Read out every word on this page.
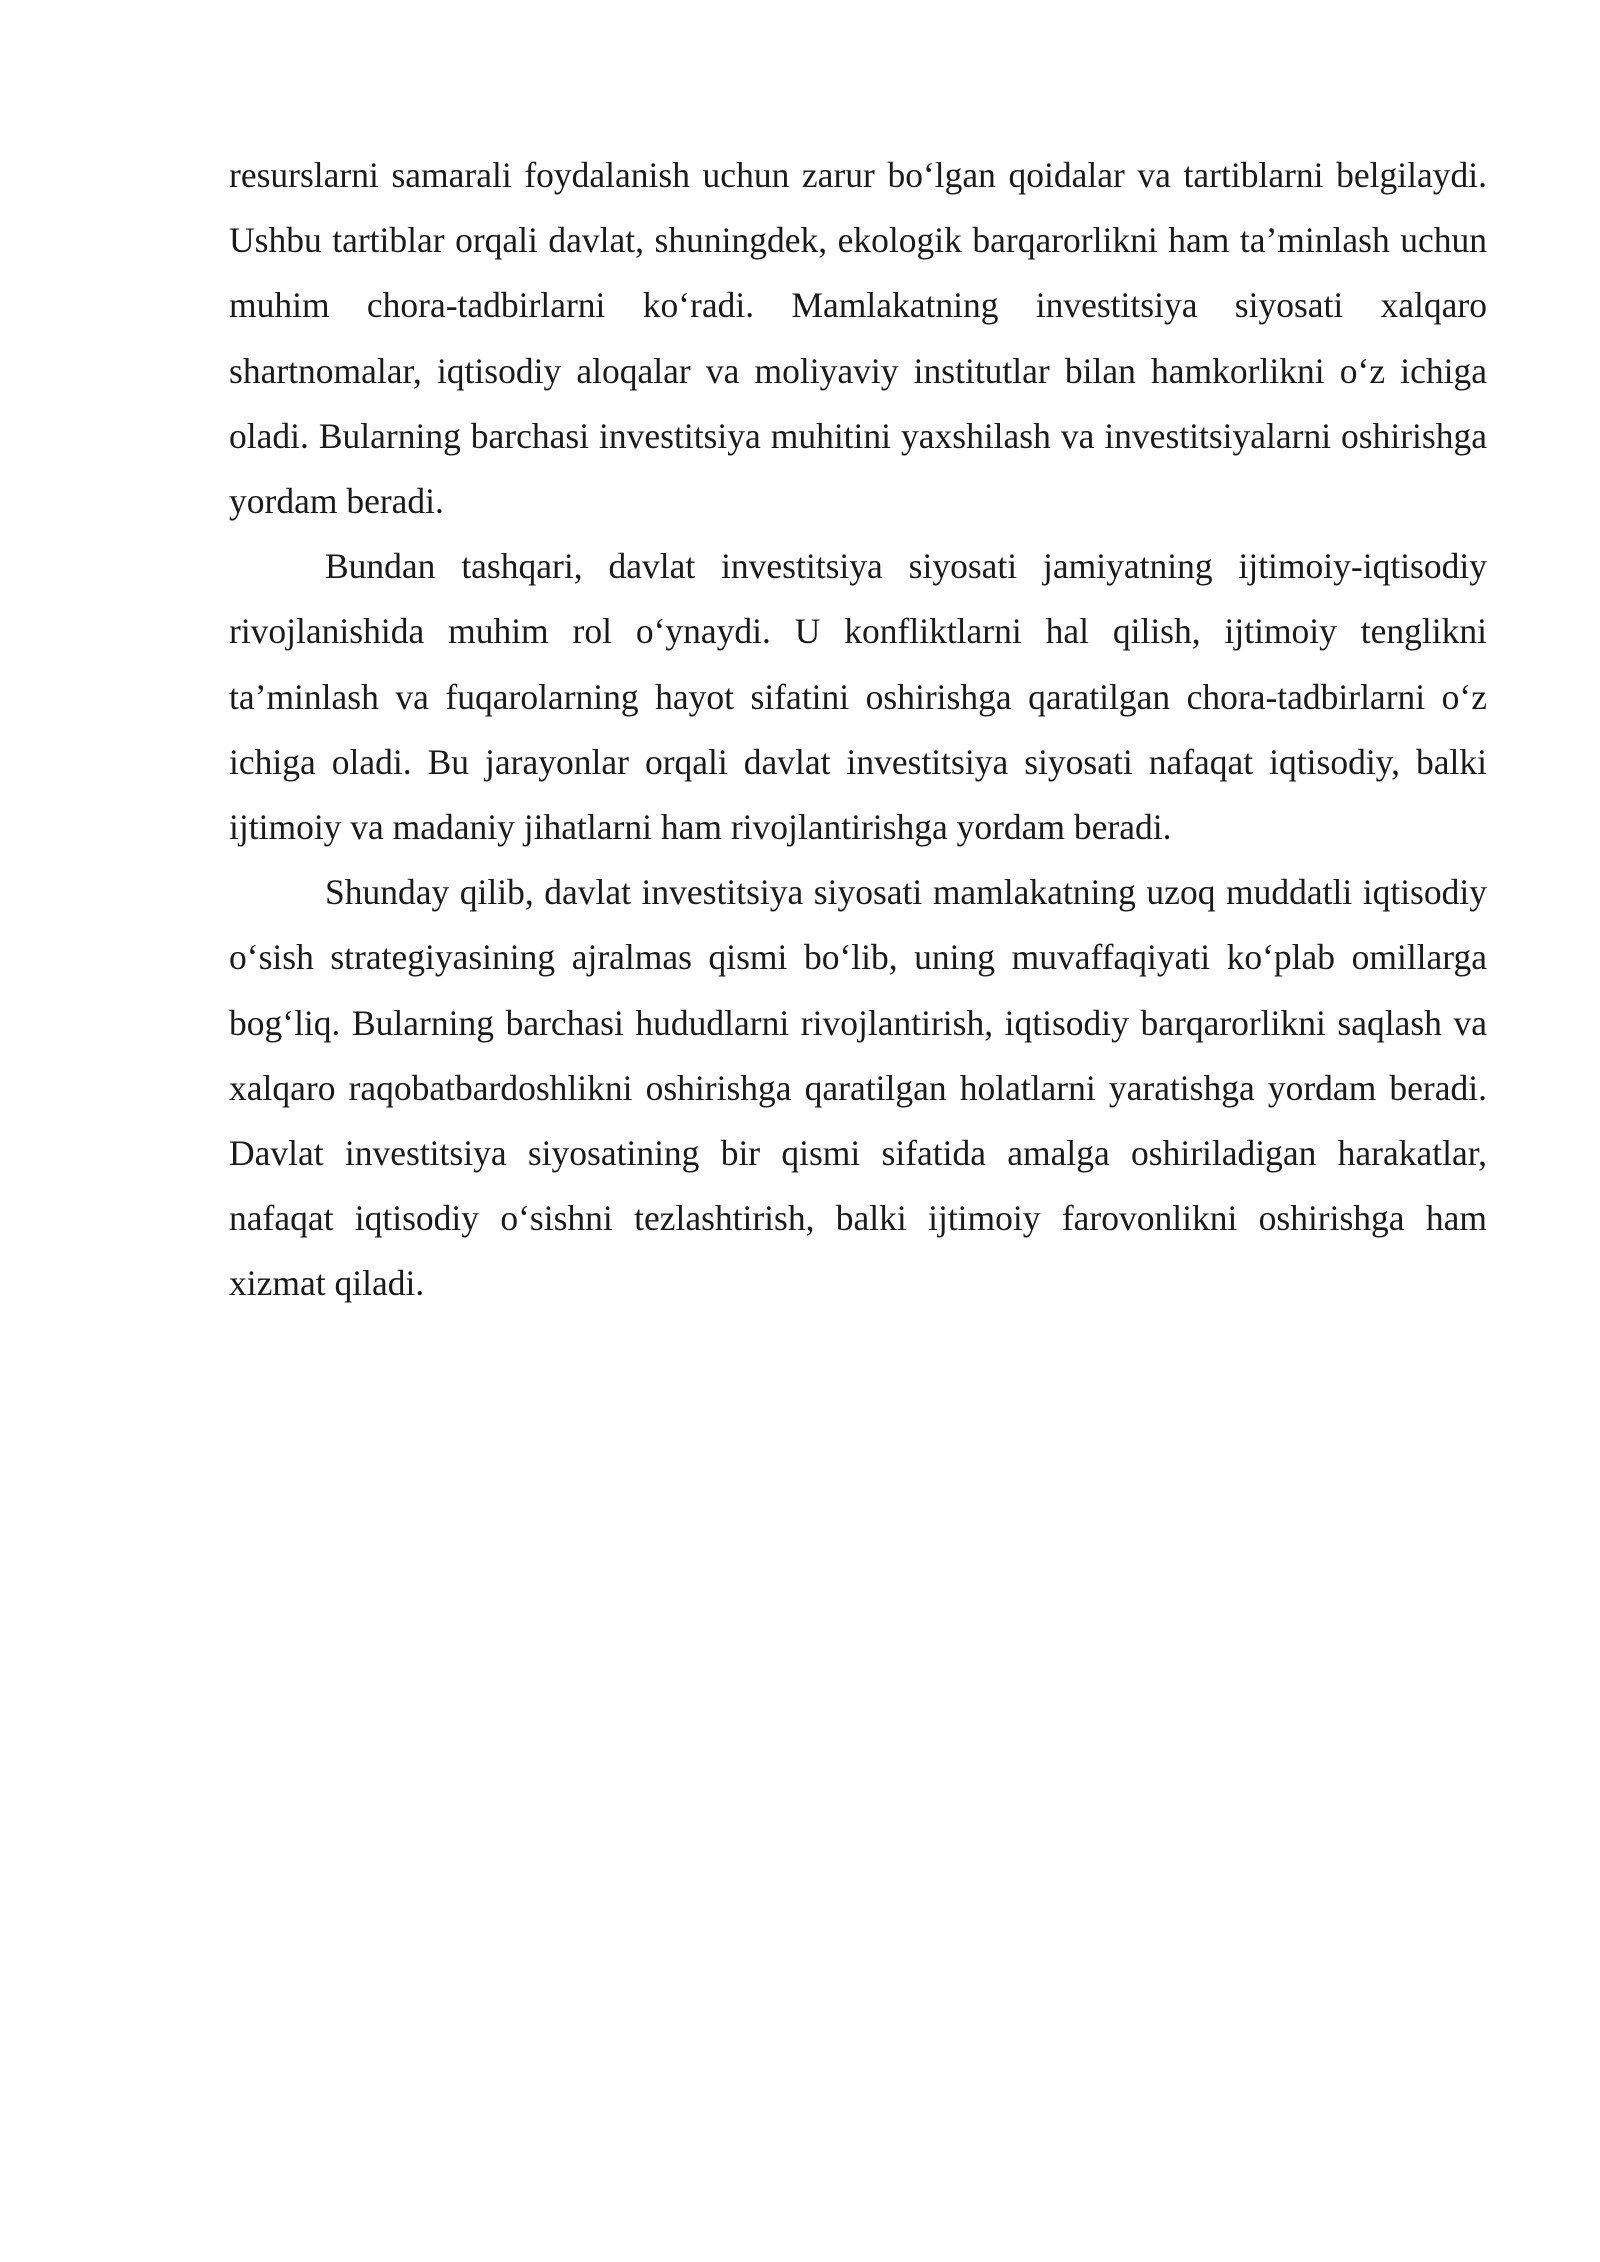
resurslarni samarali foydalanish uchun zarur bo‘lgan qoidalar va tartiblarni belgilaydi. Ushbu tartiblar orqali davlat, shuningdek, ekologik barqarorlikni ham ta’minlash uchun muhim chora-tadbirlarni ko‘radi. Mamlakatning investitsiya siyosati xalqaro shartnomalar, iqtisodiy aloqalar va moliyaviy institutlar bilan hamkorlikni o‘z ichiga oladi. Bularning barchasi investitsiya muhitini yaxshilash va investitsiyalarni oshirishga yordam beradi.

Bundan tashqari, davlat investitsiya siyosati jamiyatning ijtimoiy-iqtisodiy rivojlanishida muhim rol o‘ynaydi. U konfliktlarni hal qilish, ijtimoiy tenglikni ta’minlash va fuqarolarning hayot sifatini oshirishga qaratilgan chora-tadbirlarni o‘z ichiga oladi. Bu jarayonlar orqali davlat investitsiya siyosati nafaqat iqtisodiy, balki ijtimoiy va madaniy jihatlarni ham rivojlantirishga yordam beradi.

Shunday qilib, davlat investitsiya siyosati mamlakatning uzoq muddatli iqtisodiy o‘sish strategiyasining ajralmas qismi bo‘lib, uning muvaffaqiyati ko‘plab omillarga bog‘liq. Bularning barchasi hududlarni rivojlantirish, iqtisodiy barqarorlikni saqlash va xalqaro raqobatbardoshlikni oshirishga qaratilgan holatlarni yaratishga yordam beradi. Davlat investitsiya siyosatining bir qismi sifatida amalga oshiriladigan harakatlar, nafaqat iqtisodiy o‘sishni tezlashtirish, balki ijtimoiy farovonlikni oshirishga ham xizmat qiladi.
